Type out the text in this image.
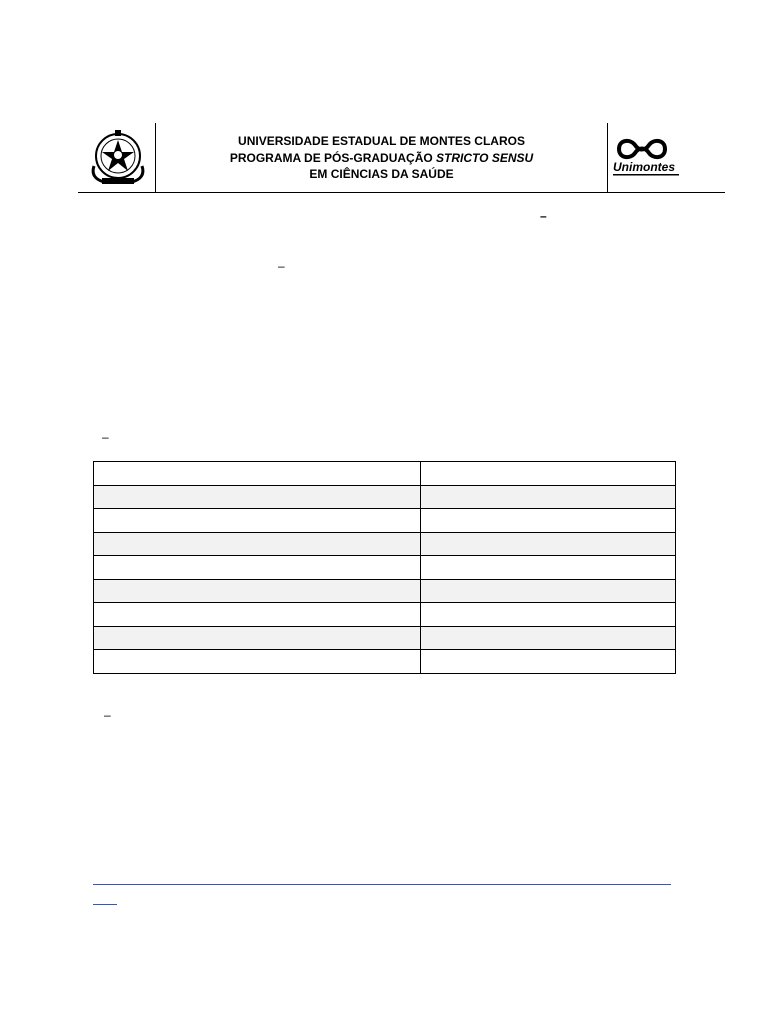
UNIVERSIDADE ESTADUAL DE MONTES CLAROS
PROGRAMA DE PÓS-GRADUAÇÃO STRICTO SENSU
EM CIÊNCIAS DA SAÚDE	Unimontes
–
–
–
–
